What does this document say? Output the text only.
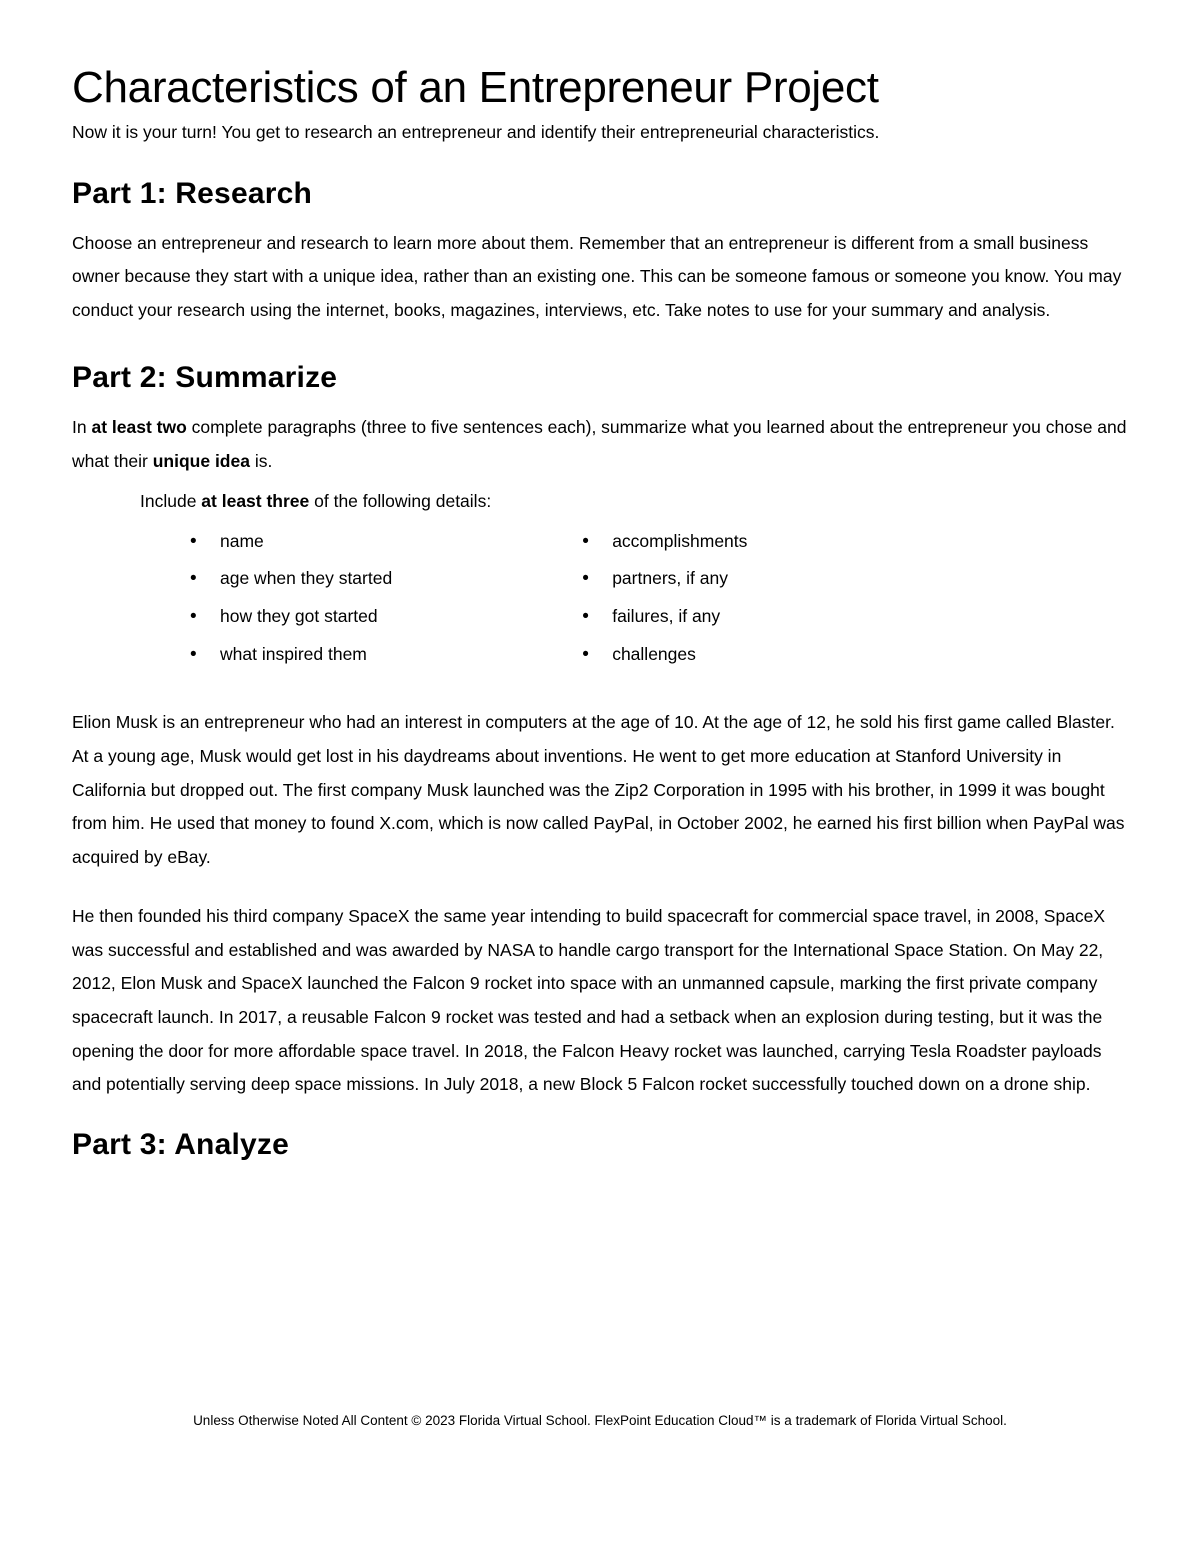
Characteristics of an Entrepreneur Project

Now it is your turn! You get to research an entrepreneur and identify their entrepreneurial characteristics.

Part 1: Research

Choose an entrepreneur and research to learn more about them. Remember that an entrepreneur is different from a small business owner because they start with a unique idea, rather than an existing one. This can be someone famous or someone you know. You may conduct your research using the internet, books, magazines, interviews, etc. Take notes to use for your summary and analysis.

Part 2: Summarize

In at least two complete paragraphs (three to five sentences each), summarize what you learned about the entrepreneur you chose and what their unique idea is.

Include at least three of the following details:

• name
• age when they started
• how they got started
• what inspired them
• accomplishments
• partners, if any
• failures, if any
• challenges

Elion Musk is an entrepreneur who had an interest in computers at the age of 10. At the age of 12, he sold his first game called Blaster. At a young age, Musk would get lost in his daydreams about inventions. He went to get more education at Stanford University in California but dropped out. The first company Musk launched was the Zip2 Corporation in 1995 with his brother, in 1999 it was bought from him. He used that money to found X.com, which is now called PayPal, in October 2002, he earned his first billion when PayPal was acquired by eBay.

He then founded his third company SpaceX the same year intending to build spacecraft for commercial space travel, in 2008, SpaceX was successful and established and was awarded by NASA to handle cargo transport for the International Space Station. On May 22, 2012, Elon Musk and SpaceX launched the Falcon 9 rocket into space with an unmanned capsule, marking the first private company spacecraft launch. In 2017, a reusable Falcon 9 rocket was tested and had a setback when an explosion during testing, but it was the opening the door for more affordable space travel. In 2018, the Falcon Heavy rocket was launched, carrying Tesla Roadster payloads and potentially serving deep space missions. In July 2018, a new Block 5 Falcon rocket successfully touched down on a drone ship.

Part 3: Analyze
Unless Otherwise Noted All Content © 2023 Florida Virtual School. FlexPoint Education Cloud™ is a trademark of Florida Virtual School.
